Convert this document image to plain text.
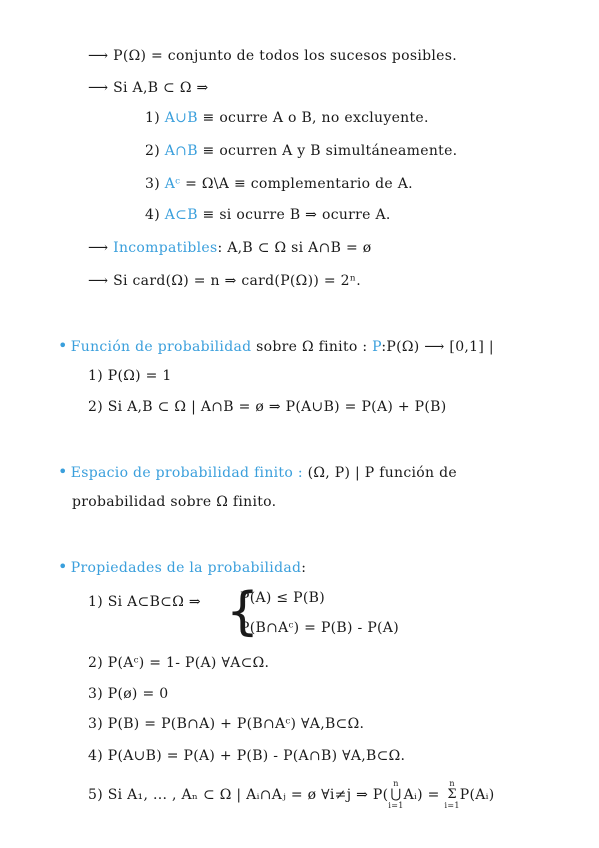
⟶ P(Ω) = conjunto de todos los sucesos posibles.
⟶ Si A,B ⊂ Ω ⇒
1) A∪B ≡ ocurre A o B, no excluyente.
2) A∩B ≡ ocurren A y B simultáneamente.
3) Aᶜ = Ω\A ≡ complementario de A.
4) A⊂B ≡ si ocurre B ⇒ ocurre A.
⟶ Incompatibles: A,B ⊂ Ω si A∩B = ø
⟶ Si card(Ω) = n ⇒ card(P(Ω)) = 2ⁿ.
• Función de probabilidad sobre Ω finito : P:P(Ω) ⟶ [0,1] |
1) P(Ω) = 1
2) Si A,B ⊂ Ω | A∩B = ø ⇒ P(A∪B) = P(A) + P(B)
• Espacio de probabilidad finito : (Ω, P) | P función de
probabilidad sobre Ω finito.
• Propiedades de la probabilidad:
1) Si A⊂B⊂Ω ⇒ {
P(A) ≤ P(B)
P(B∩Aᶜ) = P(B) - P(A)
2) P(Aᶜ) = 1- P(A) ∀A⊂Ω.
3) P(ø) = 0
3) P(B) = P(B∩A) + P(B∩Aᶜ) ∀A,B⊂Ω.
4) P(A∪B) = P(A) + P(B) - P(A∩B) ∀A,B⊂Ω.
5) Si A₁, ... , Aₙ ⊂ Ω | Aᵢ∩Aⱼ = ø ∀i≠j ⇒ P(
n
⋃
i=1
Aᵢ) =
n
Σ
i=1
P(Aᵢ)
